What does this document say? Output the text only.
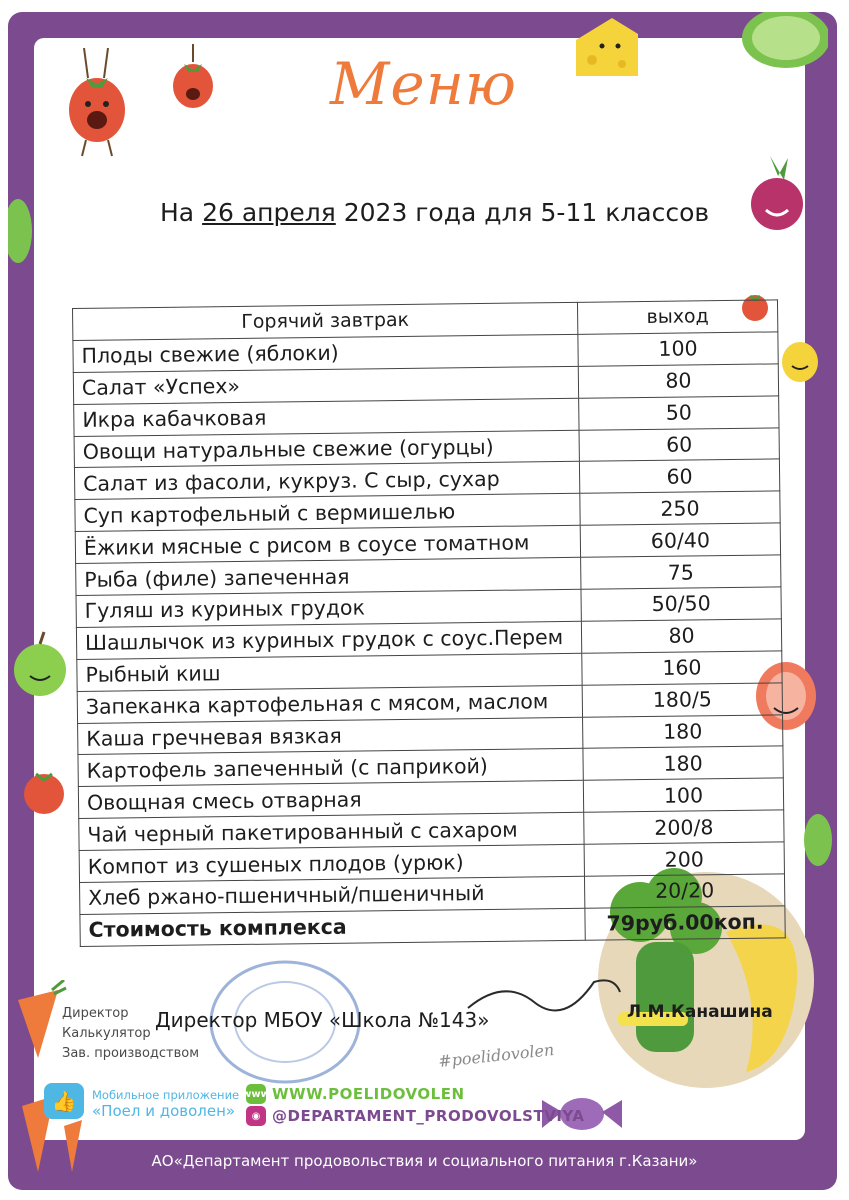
Меню
На 26 апреля 2023 года для 5-11 классов
Горячий завтрак	выход
Плоды свежие (яблоки)	100
Салат «Успех»	80
Икра кабачковая	50
Овощи натуральные свежие (огурцы)	60
Салат из фасоли, кукруз. С сыр, сухар	60
Суп картофельный с вермишелью	250
Ёжики мясные с рисом в соусе томатном	60/40
Рыба (филе) запеченная	75
Гуляш из куриных грудок	50/50
Шашлычок из куриных грудок с соус.Перем	80
Рыбный киш	160
Запеканка картофельная с мясом, маслом	180/5
Каша гречневая вязкая	180
Картофель запеченный (с паприкой)	180
Овощная смесь отварная	100
Чай черный пакетированный с сахаром	200/8
Компот из сушеных плодов (урюк)	200
Хлеб ржано-пшеничный/пшеничный	20/20
Стоимость комплекса	79руб.00коп.
Директор
Калькулятор
Зав. производством
Директор МБОУ «Школа №143»	Л.М.Канашина
#poelidovolen
👍	Мобильное приложение
«Поел и доволен»
www WWW.POELIDOVOLEN
◉ @DEPARTAMENT_PRODOVOLSTVIYA
АО«Департамент продовольствия и социального питания г.Казани»
